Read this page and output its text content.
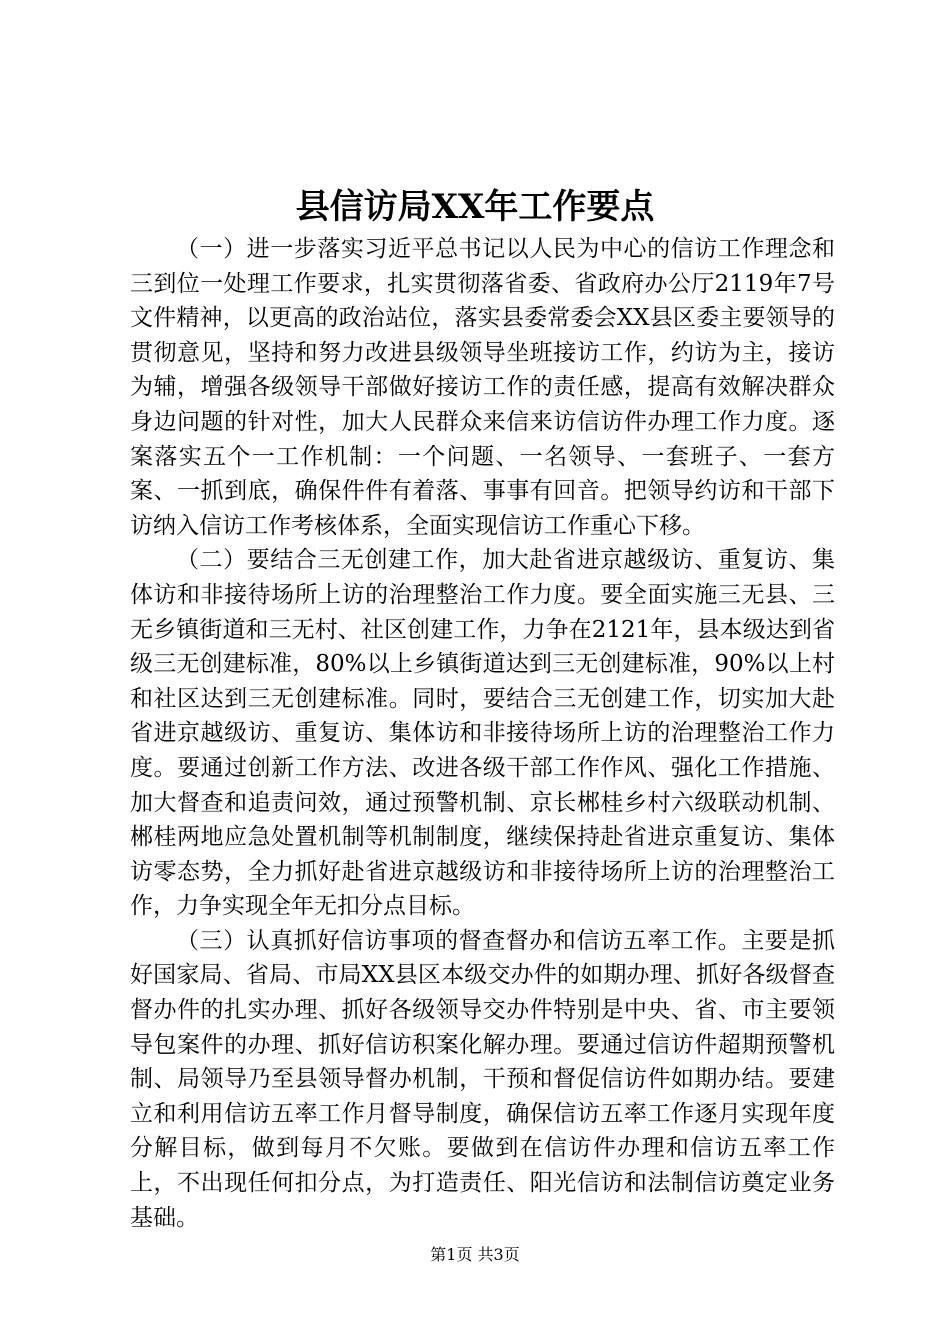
县信访局XX年工作要点

（一）进一步落实习近平总书记以人民为中心的信访工作理念和三到位一处理工作要求，扎实贯彻落省委、省政府办公厅2119年7号文件精神，以更高的政治站位，落实县委常委会XX县区委主要领导的贯彻意见，坚持和努力改进县级领导坐班接访工作，约访为主，接访为辅，增强各级领导干部做好接访工作的责任感，提高有效解决群众身边问题的针对性，加大人民群众来信来访信访件办理工作力度。逐案落实五个一工作机制：一个问题、一名领导、一套班子、一套方案、一抓到底，确保件件有着落、事事有回音。把领导约访和干部下访纳入信访工作考核体系，全面实现信访工作重心下移。

（二）要结合三无创建工作，加大赴省进京越级访、重复访、集体访和非接待场所上访的治理整治工作力度。要全面实施三无县、三无乡镇街道和三无村、社区创建工作，力争在2121年，县本级达到省级三无创建标准，80%以上乡镇街道达到三无创建标准，90%以上村和社区达到三无创建标准。同时，要结合三无创建工作，切实加大赴省进京越级访、重复访、集体访和非接待场所上访的治理整治工作力度。要通过创新工作方法、改进各级干部工作作风、强化工作措施、加大督查和追责问效，通过预警机制、京长郴桂乡村六级联动机制、郴桂两地应急处置机制等机制制度，继续保持赴省进京重复访、集体访零态势，全力抓好赴省进京越级访和非接待场所上访的治理整治工作，力争实现全年无扣分点目标。

（三）认真抓好信访事项的督查督办和信访五率工作。主要是抓好国家局、省局、市局XX县区本级交办件的如期办理、抓好各级督查督办件的扎实办理、抓好各级领导交办件特别是中央、省、市主要领导包案件的办理、抓好信访积案化解办理。要通过信访件超期预警机制、局领导乃至县领导督办机制，干预和督促信访件如期办结。要建立和利用信访五率工作月督导制度，确保信访五率工作逐月实现年度分解目标，做到每月不欠账。要做到在信访件办理和信访五率工作上，不出现任何扣分点，为打造责任、阳光信访和法制信访奠定业务基础。

第1页 共3页
